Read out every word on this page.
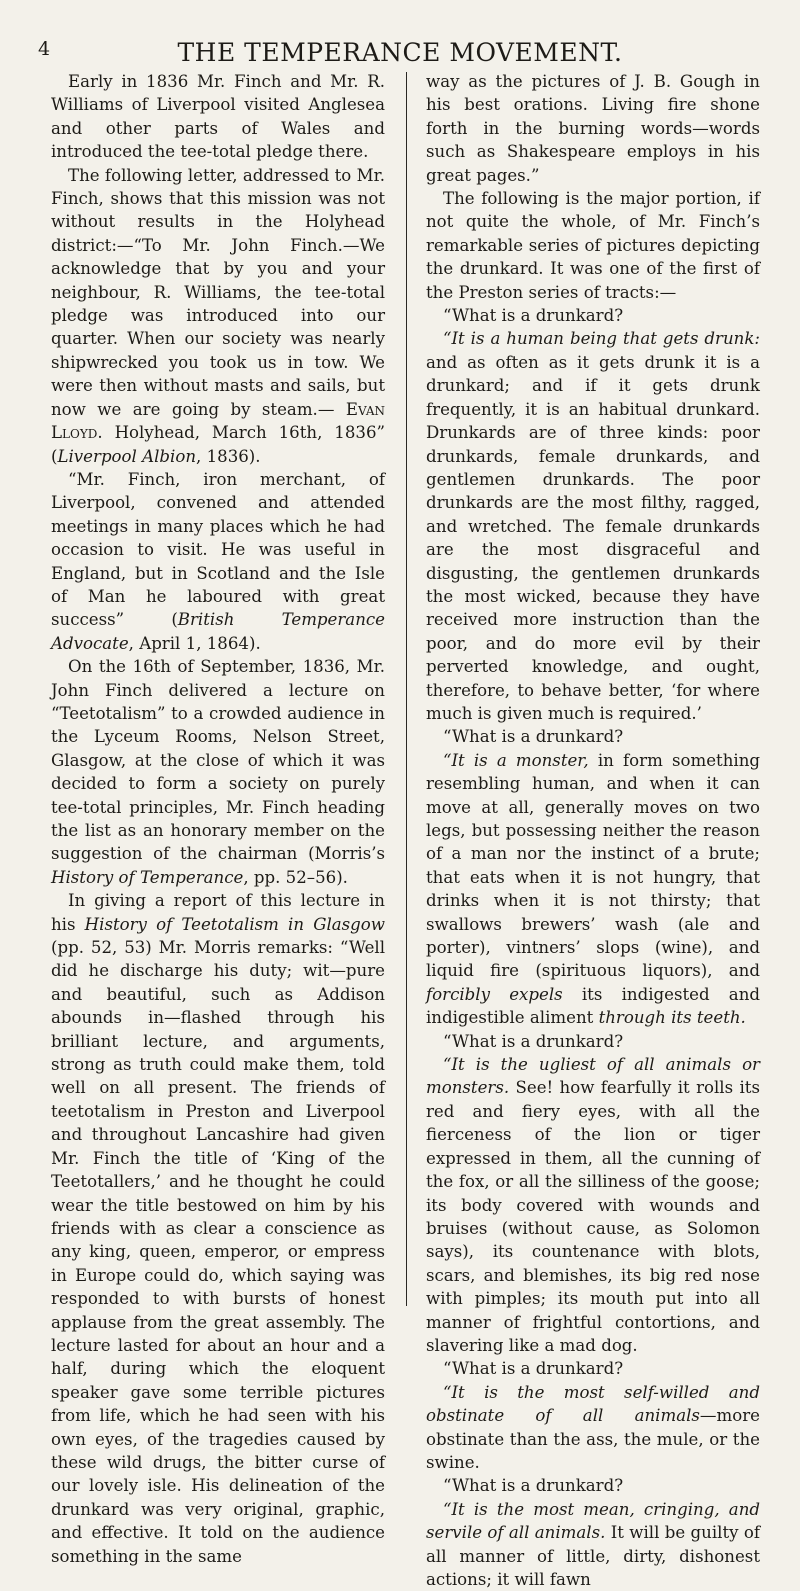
4	THE TEMPERANCE MOVEMENT.

Early in 1836 Mr. Finch and Mr. R. Williams of Liverpool visited Anglesea and other parts of Wales and introduced the tee-total pledge there.

The following letter, addressed to Mr. Finch, shows that this mission was not without results in the Holyhead district:—“To Mr. John Finch.—We acknowledge that by you and your neighbour, R. Williams, the tee-total pledge was introduced into our quarter. When our society was nearly shipwrecked you took us in tow. We were then without masts and sails, but now we are going by steam.— Evan Lloyd. Holyhead, March 16th, 1836” (Liverpool Albion, 1836).

“Mr. Finch, iron merchant, of Liverpool, convened and attended meetings in many places which he had occasion to visit. He was useful in England, but in Scotland and the Isle of Man he laboured with great success” (British Temperance Advocate, April 1, 1864).

On the 16th of September, 1836, Mr. John Finch delivered a lecture on “Teetotalism” to a crowded audience in the Lyceum Rooms, Nelson Street, Glasgow, at the close of which it was decided to form a society on purely tee-total principles, Mr. Finch heading the list as an honorary member on the suggestion of the chairman (Morris’s History of Temperance, pp. 52–56).

In giving a report of this lecture in his History of Teetotalism in Glasgow (pp. 52, 53) Mr. Morris remarks: “Well did he discharge his duty; wit—pure and beautiful, such as Addison abounds in—flashed through his brilliant lecture, and arguments, strong as truth could make them, told well on all present. The friends of teetotalism in Preston and Liverpool and throughout Lancashire had given Mr. Finch the title of ‘King of the Teetotallers,’ and he thought he could wear the title bestowed on him by his friends with as clear a conscience as any king, queen, emperor, or empress in Europe could do, which saying was responded to with bursts of honest applause from the great assembly. The lecture lasted for about an hour and a half, during which the eloquent speaker gave some terrible pictures from life, which he had seen with his own eyes, of the tragedies caused by these wild drugs, the bitter curse of our lovely isle. His delineation of the drunkard was very original, graphic, and effective. It told on the audience something in the same

way as the pictures of J. B. Gough in his best orations. Living fire shone forth in the burning words—words such as Shakespeare employs in his great pages.”

The following is the major portion, if not quite the whole, of Mr. Finch’s remarkable series of pictures depicting the drunkard. It was one of the first of the Preston series of tracts:—

“What is a drunkard?

“It is a human being that gets drunk: and as often as it gets drunk it is a drunkard; and if it gets drunk frequently, it is an habitual drunkard. Drunkards are of three kinds: poor drunkards, female drunkards, and gentlemen drunkards. The poor drunkards are the most filthy, ragged, and wretched. The female drunkards are the most disgraceful and disgusting, the gentlemen drunkards the most wicked, because they have received more instruction than the poor, and do more evil by their perverted knowledge, and ought, therefore, to behave better, ‘for where much is given much is required.’

“What is a drunkard?

“It is a monster, in form something resembling human, and when it can move at all, generally moves on two legs, but possessing neither the reason of a man nor the instinct of a brute; that eats when it is not hungry, that drinks when it is not thirsty; that swallows brewers’ wash (ale and porter), vintners’ slops (wine), and liquid fire (spirituous liquors), and forcibly expels its indigested and indigestible aliment through its teeth.

“What is a drunkard?

“It is the ugliest of all animals or monsters. See! how fearfully it rolls its red and fiery eyes, with all the fierceness of the lion or tiger expressed in them, all the cunning of the fox, or all the silliness of the goose; its body covered with wounds and bruises (without cause, as Solomon says), its countenance with blots, scars, and blemishes, its big red nose with pimples; its mouth put into all manner of frightful contortions, and slavering like a mad dog.

“What is a drunkard?

“It is the most self-willed and obstinate of all animals—more obstinate than the ass, the mule, or the swine.

“What is a drunkard?

“It is the most mean, cringing, and servile of all animals. It will be guilty of all manner of little, dirty, dishonest actions; it will fawn
